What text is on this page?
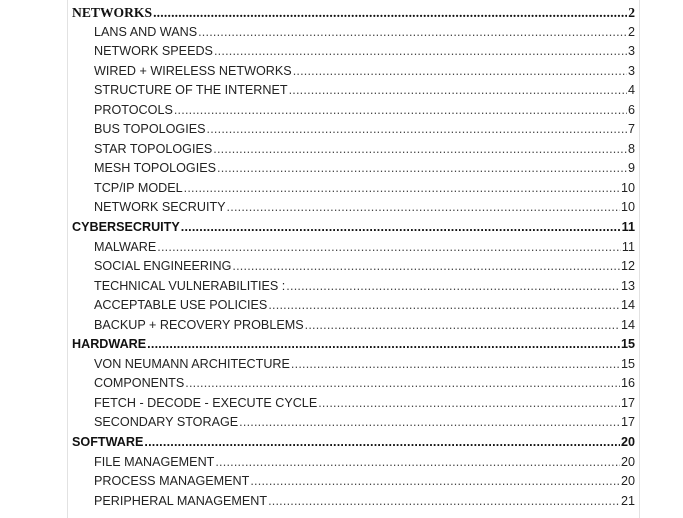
NETWORKS .....	2
LANS AND WANS .....	2
NETWORK SPEEDS .....	3
WIRED + WIRELESS NETWORKS .....	3
STRUCTURE OF THE INTERNET .....	4
PROTOCOLS .....	6
BUS TOPOLOGIES .....	7
STAR TOPOLOGIES .....	8
MESH TOPOLOGIES .....	9
TCP/IP MODEL .....	10
NETWORK SECRUITY .....	10
CYBERSECRUITY .....	11
MALWARE .....	11
SOCIAL ENGINEERING .....	12
TECHNICAL VULNERABILITIES : .....	13
ACCEPTABLE USE POLICIES .....	14
BACKUP + RECOVERY PROBLEMS .....	14
HARDWARE .....	15
VON NEUMANN ARCHITECTURE .....	15
COMPONENTS .....	16
FETCH - DECODE - EXECUTE CYCLE .....	17
SECONDARY STORAGE .....	17
SOFTWARE .....	20
FILE MANAGEMENT .....	20
PROCESS MANAGEMENT .....	20
PERIPHERAL MANAGEMENT .....	21
